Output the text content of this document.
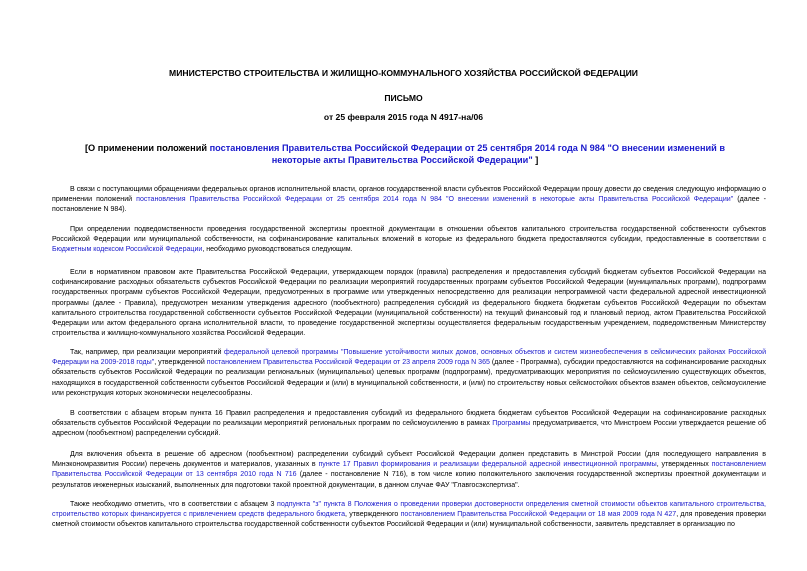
МИНИСТЕРСТВО СТРОИТЕЛЬСТВА И ЖИЛИЩНО-КОММУНАЛЬНОГО ХОЗЯЙСТВА РОССИЙСКОЙ ФЕДЕРАЦИИ
ПИСЬМО
от 25 февраля 2015 года N 4917-на/06
[О применении положений постановления Правительства Российской Федерации от 25 сентября 2014 года N 984 "О внесении изменений в некоторые акты Правительства Российской Федерации" ]
В связи с поступающими обращениями федеральных органов исполнительной власти, органов государственной власти субъектов Российской Федерации прошу довести до сведения следующую информацию о применении положений постановления Правительства Российской Федерации от 25 сентября 2014 года N 984 "О внесении изменений в некоторые акты Правительства Российской Федерации" (далее - постановление N 984).
При определении подведомственности проведения государственной экспертизы проектной документации в отношении объектов капитального строительства государственной собственности субъектов Российской Федерации или муниципальной собственности, на софинансирование капитальных вложений в которые из федерального бюджета предоставляются субсидии, предоставленные в соответствии с Бюджетным кодексом Российской Федерации, необходимо руководствоваться следующим.
Если в нормативном правовом акте Правительства Российской Федерации, утверждающем порядок (правила) распределения и предоставления субсидий бюджетам субъектов Российской Федерации на софинансирование расходных обязательств субъектов Российской Федерации по реализации мероприятий государственных программ субъектов Российской Федерации (муниципальных программ), подпрограмм государственных программ субъектов Российской Федерации, предусмотренных в программе или утвержденных непосредственно для реализации непрограммной части федеральной адресной инвестиционной программы (далее - Правила), предусмотрен механизм утверждения адресного (пообъектного) распределения субсидий из федерального бюджета бюджетам субъектов Российской Федерации по объектам капитального строительства государственной собственности субъектов Российской Федерации (муниципальной собственности) на текущий финансовый год и плановый период, актом Правительства Российской Федерации или актом федерального органа исполнительной власти, то проведение государственной экспертизы осуществляется федеральным государственным учреждением, подведомственным Министерству строительства и жилищно-коммунального хозяйства Российской Федерации.
Так, например, при реализации мероприятий федеральной целевой программы "Повышение устойчивости жилых домов, основных объектов и систем жизнеобеспечения в сейсмических районах Российской Федерации на 2009-2018 годы", утвержденной постановлением Правительства Российской Федерации от 23 апреля 2009 года N 365 (далее - Программа), субсидии предоставляются на софинансирование расходных обязательств субъектов Российской Федерации по реализации региональных (муниципальных) целевых программ (подпрограмм), предусматривающих мероприятия по сейсмоусилению существующих объектов, находящихся в государственной собственности субъектов Российской Федерации и (или) в муниципальной собственности, и (или) по строительству новых сейсмостойких объектов взамен объектов, сейсмоусиление или реконструкция которых экономически нецелесообразны.
В соответствии с абзацем вторым пункта 16 Правил распределения и предоставления субсидий из федерального бюджета бюджетам субъектов Российской Федерации на софинансирование расходных обязательств субъектов Российской Федерации по реализации мероприятий региональных программ по сейсмоусилению в рамках Программы предусматривается, что Минстроем России утверждается решение об адресном (пообъектном) распределении субсидий.
Для включения объекта в решение об адресном (пообъектном) распределении субсидий субъект Российской Федерации должен представить в Минстрой России (для последующего направления в Минэкономразвития России) перечень документов и материалов, указанных в пункте 17 Правил формирования и реализации федеральной адресной инвестиционной программы, утвержденных постановлением Правительства Российской Федерации от 13 сентября 2010 года N 716 (далее - постановление N 716), в том числе копию положительного заключения государственной экспертизы проектной документации и результатов инженерных изысканий, выполненных для подготовки такой проектной документации, в данном случае ФАУ "Главгосэкспертиза".
Также необходимо отметить, что в соответствии с абзацем 3 подпункта "з" пункта 8 Положения о проведении проверки достоверности определения сметной стоимости объектов капитального строительства, строительство которых финансируется с привлечением средств федерального бюджета, утвержденного постановлением Правительства Российской Федерации от 18 мая 2009 года N 427, для проведения проверки сметной стоимости объектов капитального строительства государственной собственности субъектов Российской Федерации и (или) муниципальной собственности, заявитель представляет в организацию по
